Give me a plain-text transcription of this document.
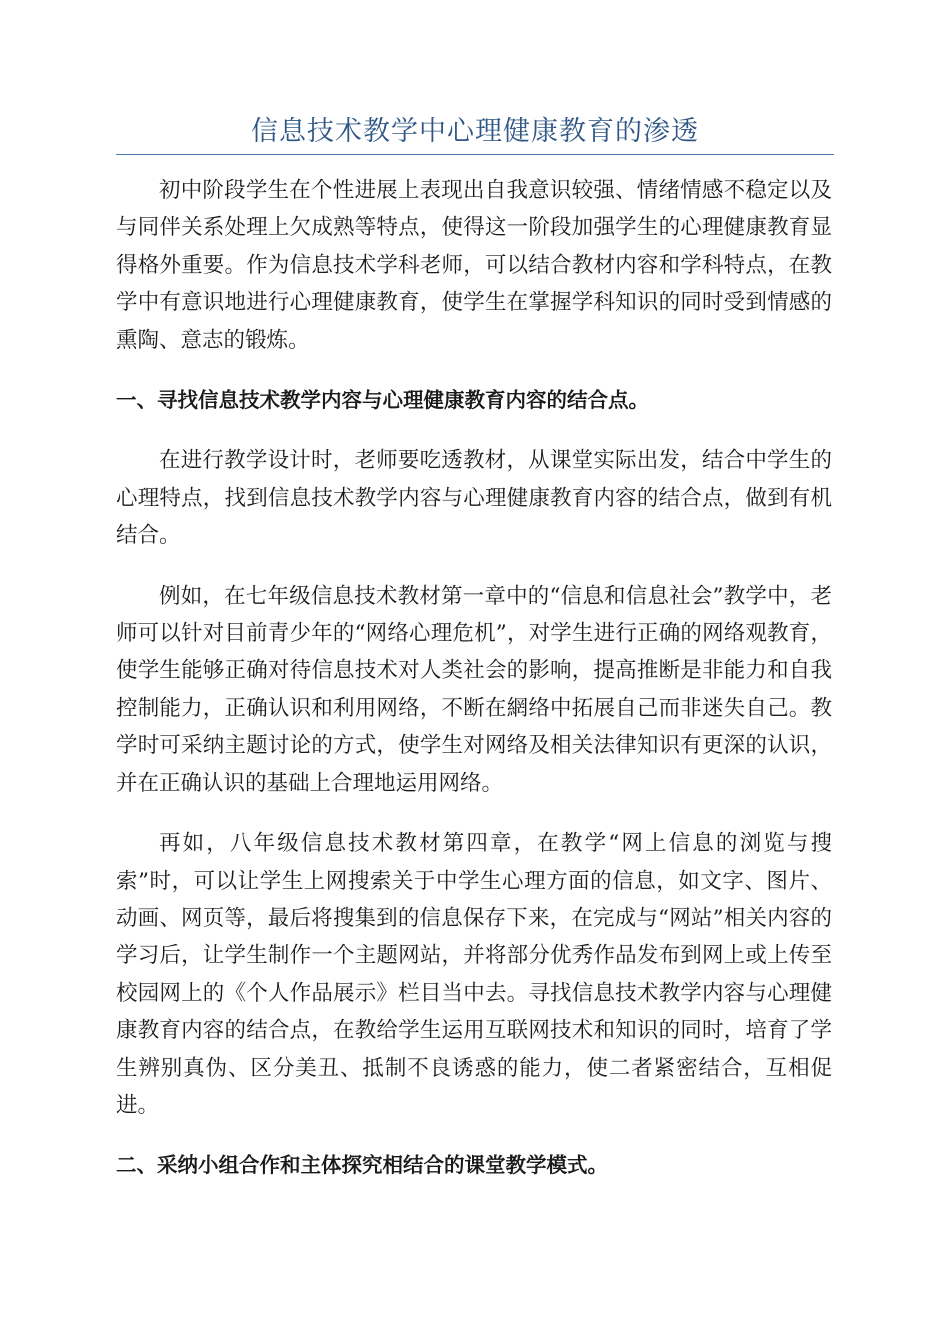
信息技术教学中心理健康教育的渗透

初中阶段学生在个性进展上表现出自我意识较强、情绪情感不稳定以及与同伴关系处理上欠成熟等特点，使得这一阶段加强学生的心理健康教育显得格外重要。作为信息技术学科老师，可以结合教材内容和学科特点，在教学中有意识地进行心理健康教育，使学生在掌握学科知识的同时受到情感的熏陶、意志的锻炼。

一、寻找信息技术教学内容与心理健康教育内容的结合点。

在进行教学设计时，老师要吃透教材，从课堂实际出发，结合中学生的心理特点，找到信息技术教学内容与心理健康教育内容的结合点，做到有机结合。

例如，在七年级信息技术教材第一章中的“信息和信息社会”教学中，老师可以针对目前青少年的“网络心理危机”，对学生进行正确的网络观教育，使学生能够正确对待信息技术对人类社会的影响，提高推断是非能力和自我控制能力，正确认识和利用网络，不断在網络中拓展自己而非迷失自己。教学时可采纳主题讨论的方式，使学生对网络及相关法律知识有更深的认识，并在正确认识的基础上合理地运用网络。

再如，八年级信息技术教材第四章，在教学“网上信息的浏览与搜索”时，可以让学生上网搜索关于中学生心理方面的信息，如文字、图片、动画、网页等，最后将搜集到的信息保存下来，在完成与“网站”相关内容的学习后，让学生制作一个主题网站，并将部分优秀作品发布到网上或上传至校园网上的《个人作品展示》栏目当中去。寻找信息技术教学内容与心理健康教育内容的结合点，在教给学生运用互联网技术和知识的同时，培育了学生辨别真伪、区分美丑、抵制不良诱惑的能力，使二者紧密结合，互相促进。

二、采纳小组合作和主体探究相结合的课堂教学模式。
